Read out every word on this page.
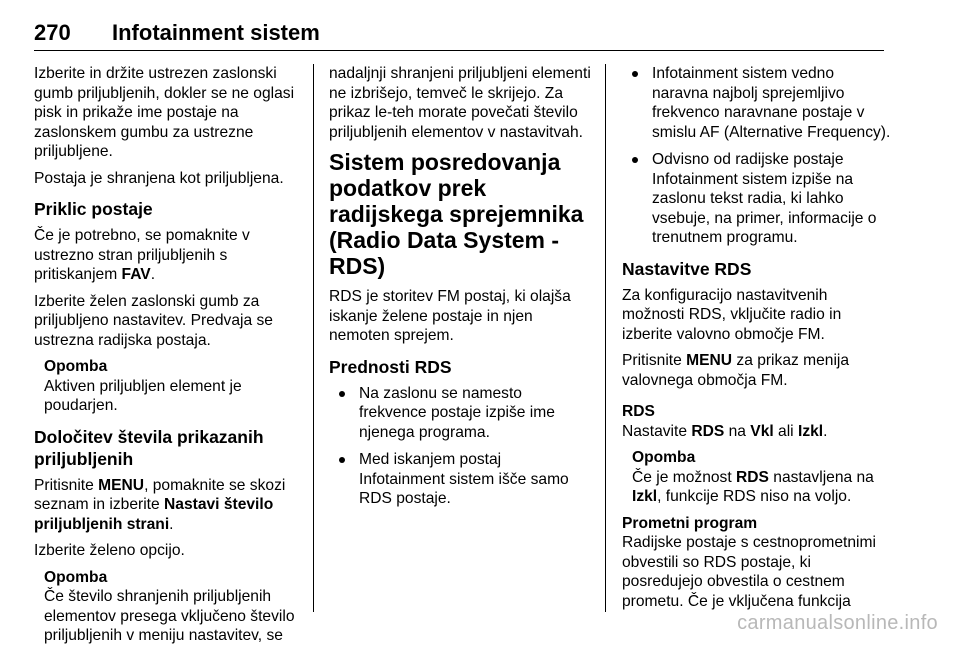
270 Infotainment sistem

Izberite in držite ustrezen zaslonski gumb priljubljenih, dokler se ne oglasi pisk in prikaže ime postaje na zaslonskem gumbu za ustrezne priljubljene.

Postaja je shranjena kot priljubljena.

Priklic postaje

Če je potrebno, se pomaknite v ustrezno stran priljubljenih s pritiskanjem FAV.

Izberite želen zaslonski gumb za priljubljeno nastavitev. Predvaja se ustrezna radijska postaja.

Opomba
Aktiven priljubljen element je poudarjen.
Določitev števila prikazanih priljubljenih

Pritisnite MENU, pomaknite se skozi seznam in izberite Nastavi število priljubljenih strani.

Izberite želeno opcijo.

Opomba
Če število shranjenih priljubljenih elementov presega vključeno število priljubljenih v meniju nastavitev, se

nadaljnji shranjeni priljubljeni elementi ne izbrišejo, temveč le skrijejo. Za prikaz le-teh morate povečati število priljubljenih elementov v nastavitvah.

Sistem posredovanja podatkov prek radijskega sprejemnika (Radio Data System - RDS)

RDS je storitev FM postaj, ki olajša iskanje želene postaje in njen nemoten sprejem.

Prednosti RDS
Na zaslonu se namesto frekvence postaje izpiše ime njenega programa.
Med iskanjem postaj Infotainment sistem išče samo RDS postaje.
Infotainment sistem vedno naravna najbolj sprejemljivo frekvenco naravnane postaje v smislu AF (Alternative Frequency).
Odvisno od radijske postaje Infotainment sistem izpiše na zaslonu tekst radia, ki lahko vsebuje, na primer, informacije o trenutnem programu.
Nastavitve RDS

Za konfiguracijo nastavitvenih možnosti RDS, vključite radio in izberite valovno območje FM.

Pritisnite MENU za prikaz menija valovnega območja FM.

RDS

Nastavite RDS na Vkl ali Izkl.

Opomba
Če je možnost RDS nastavljena na Izkl, funkcije RDS niso na voljo.
Prometni program

Radijske postaje s cestnoprometnimi obvestili so RDS postaje, ki posredujejo obvestila o cestnem prometu. Če je vključena funkcija

carmanualsonline.info
